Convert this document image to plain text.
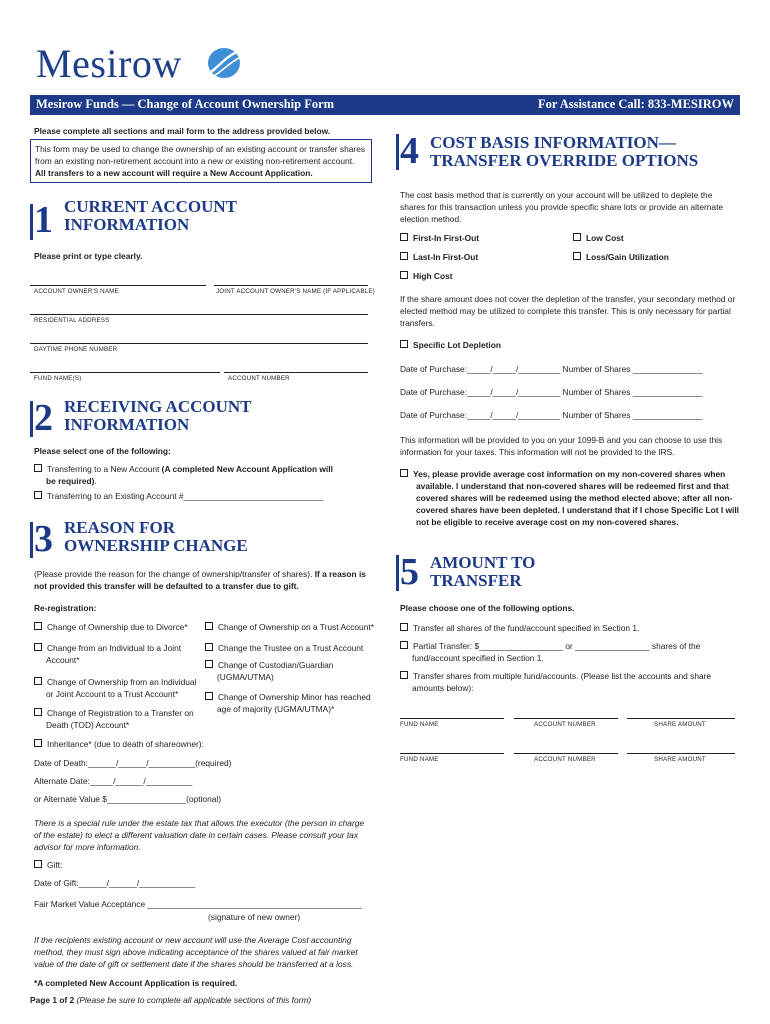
Mesirow
Mesirow Funds — Change of Account Ownership Form	For Assistance Call: 833-MESIROW
Please complete all sections and mail form to the address provided below.
This form may be used to change the ownership of an existing account or transfer shares
from an existing non-retirement account into a new or existing non-retirement account.
All transfers to a new account will require a New Account Application.
1 CURRENT ACCOUNT
INFORMATION
Please print or type clearly.
ACCOUNT OWNER'S NAME	JOINT ACCOUNT OWNER'S NAME (IF APPLICABLE)
RESIDENTIAL ADDRESS
DAYTIME PHONE NUMBER
FUND NAME(S)	ACCOUNT NUMBER
2 RECEIVING ACCOUNT
INFORMATION
Please select one of the following:
Transferring to a New Account (A completed New Account Application will
be required).
Transferring to an Existing Account #______________________________
3 REASON FOR
OWNERSHIP CHANGE
(Please provide the reason for the change of ownership/transfer of shares). If a reason is
not provided this transfer will be defaulted to a transfer due to gift.
Re-registration:
Change of Ownership due to Divorce*
Change from an Individual to a Joint
Account*
Change of Ownership from an Individual
or Joint Account to a Trust Account*
Change of Registration to a Transfer on
Death (TOD) Account*
Change of Ownership on a Trust Account*
Change the Trustee on a Trust Account
Change of Custodian/Guardian
(UGMA/UTMA)
Change of Ownership Minor has reached
age of majority (UGMA/UTMA)*
Inheritance* (due to death of shareowner):
Date of Death:______/______/__________(required)
Alternate Date:_____/______/__________
or Alternate Value $_________________(optional)
There is a special rule under the estate tax that allows the executor (the person in charge
of the estate) to elect a different valuation date in certain cases. Please consult your tax
advisor for more information.
Gift:
Date of Gift:______/______/____________
Fair Market Value Acceptance ______________________________________________
(signature of new owner)
If the recipients existing account or new account will use the Average Cost accounting
method, they must sign above indicating acceptance of the shares valued at fair market
value of the date of gift or settlement date if the shares should be transferred at a loss.
*A completed New Account Application is required.
Page 1 of 2 (Please be sure to complete all applicable sections of this form)
4 COST BASIS INFORMATION—
TRANSFER OVERRIDE OPTIONS
The cost basis method that is currently on your account will be utilized to deplete the
shares for this transaction unless you provide specific share lots or provide an alternate
election method.
First-In First-Out	Low Cost
Last-In First-Out	Loss/Gain Utilization
High Cost
If the share amount does not cover the depletion of the transfer, your secondary method or
elected method may be utilized to complete this transfer. This is only necessary for partial
transfers.
Specific Lot Depletion
Date of Purchase:_____/_____/_________ Number of Shares _______________
Date of Purchase:_____/_____/_________ Number of Shares _______________
Date of Purchase:_____/_____/_________ Number of Shares _______________
This information will be provided to you on your 1099-B and you can choose to use this
information for your taxes. This information will not be provided to the IRS.
Yes, please provide average cost information on my non-covered shares when
available. I understand that non-covered shares will be redeemed first and that
covered shares will be redeemed using the method elected above; after all non-
covered shares have been depleted. I understand that if I chose Specific Lot I will
not be eligible to receive average cost on my non-covered shares.
5 AMOUNT TO
TRANSFER
Please choose one of the following options.
Transfer all shares of the fund/account specified in Section 1.
Partial Transfer: $__________________ or ________________ shares of the
fund/account specified in Section 1.
Transfer shares from multiple fund/accounts. (Please list the accounts and share
amounts below):
FUND NAME	ACCOUNT NUMBER	SHARE AMOUNT
FUND NAME	ACCOUNT NUMBER	SHARE AMOUNT
